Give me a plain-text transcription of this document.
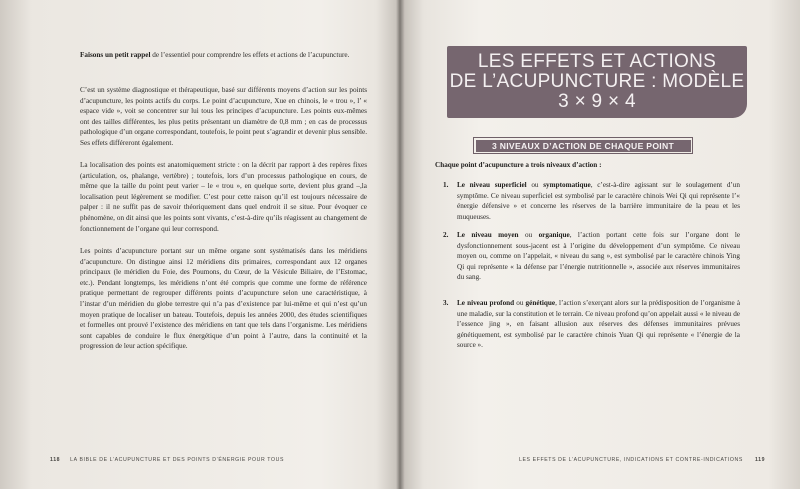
Faisons un petit rappel de l’essentiel pour comprendre les effets et actions de l’acupuncture.

C’est un système diagnostique et thérapeutique, basé sur différents moyens d’action sur les points d’acupuncture, les points actifs du corps. Le point d’acupuncture, Xue en chinois, le « trou », l’ « espace vide », voit se concentrer sur lui tous les principes d’acupuncture. Les points eux-mêmes ont des tailles différentes, les plus petits présentant un diamètre de 0,8 mm ; en cas de processus pathologique d’un organe correspondant, toutefois, le point peut s’agrandir et devenir plus sensible. Ses effets différeront également.

La localisation des points est anatomiquement stricte : on la décrit par rapport à des repères fixes (articulation, os, phalange, vertèbre) ; toutefois, lors d’un processus pathologique en cours, de même que la taille du point peut varier – le « trou », en quelque sorte, devient plus grand –,la localisation peut légèrement se modifier. C’est pour cette raison qu’il est toujours nécessaire de palper : il ne suffit pas de savoir théoriquement dans quel endroit il se situe. Pour évoquer ce phénomène, on dit ainsi que les points sont vivants, c’est-à-dire qu’ils réagissent au changement de fonctionnement de l’organe qui leur correspond.

Les points d’acupuncture portant sur un même organe sont systématisés dans les méridiens d’acupuncture. On distingue ainsi 12 méridiens dits primaires, correspondant aux 12 organes principaux (le méridien du Foie, des Poumons, du Cœur, de la Vésicule Biliaire, de l’Estomac, etc.). Pendant longtemps, les méridiens n’ont été compris que comme une forme de référence pratique permettant de regrouper différents points d’acupuncture selon une caractéristique, à l’instar d’un méridien du globe terrestre qui n’a pas d’existence par lui-même et qui n’est qu’un moyen pratique de localiser un bateau. Toutefois, depuis les années 2000, des études scientifiques et formelles ont prouvé l’existence des méridiens en tant que tels dans l’organisme. Les méridiens sont capables de conduire le flux énergétique d’un point à l’autre, dans la continuité et la progression de leur action spécifique.

118 LA BIBLE DE L’ACUPUNCTURE ET DES POINTS D’ÉNERGIE POUR TOUS
LES EFFETS ET ACTIONS
DE L’ACUPUNCTURE : MODÈLE
3 × 9 × 4
3 NIVEAUX D’ACTION DE CHAQUE POINT

Chaque point d’acupuncture a trois niveaux d’action :

1. Le niveau superficiel ou symptomatique, c’est-à-dire agissant sur le soulagement d’un symptôme. Ce niveau superficiel est symbolisé par le caractère chinois Wei Qi qui représente l’« énergie défensive » et concerne les réserves de la barrière immunitaire de la peau et les muqueuses.

2. Le niveau moyen ou organique, l’action portant cette fois sur l’organe dont le dysfonctionnement sous-jacent est à l’origine du développement d’un symptôme. Ce niveau moyen ou, comme on l’appelait, « niveau du sang », est symbolisé par le caractère chinois Ying Qi qui représente « la défense par l’énergie nutritionnelle », associée aux réserves immunitaires du sang.

3. Le niveau profond ou génétique, l’action s’exerçant alors sur la prédisposition de l’organisme à une maladie, sur la constitution et le terrain. Ce niveau profond qu’on appelait aussi « le niveau de l’essence jing », en faisant allusion aux réserves des défenses immunitaires prévues génétiquement, est symbolisé par le caractère chinois Yuan Qi qui représente « l’énergie de la source ».

LES EFFETS DE L’ACUPUNCTURE, INDICATIONS ET CONTRE-INDICATIONS 119
